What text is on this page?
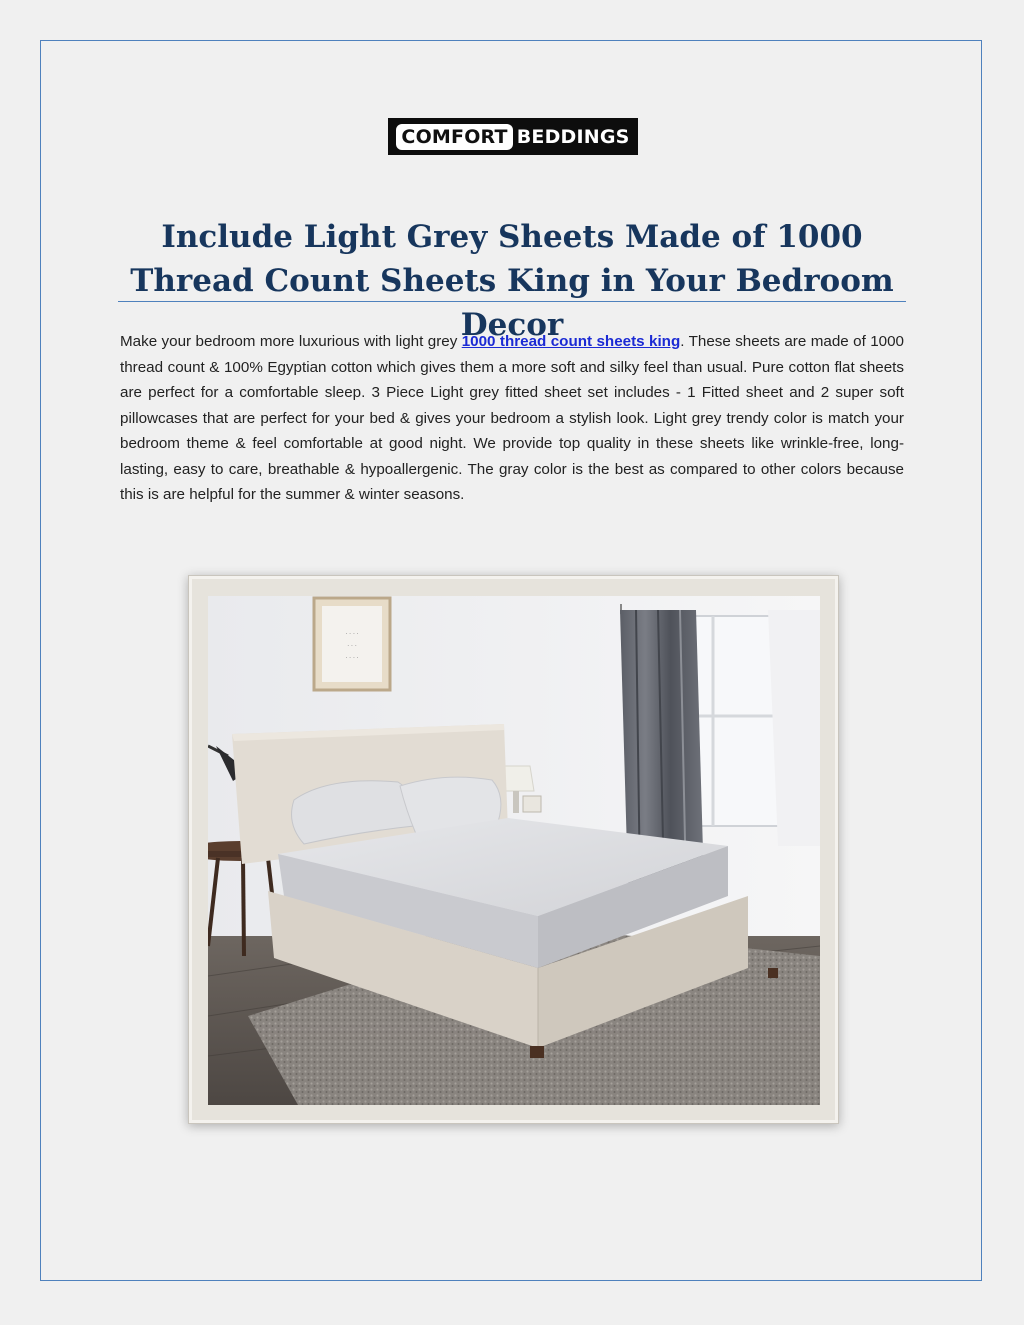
COMFORT BEDDINGS
Include Light Grey Sheets Made of 1000 Thread Count Sheets King in Your Bedroom Decor

Make your bedroom more luxurious with light grey 1000 thread count sheets king. These sheets are made of 1000 thread count & 100% Egyptian cotton which gives them a more soft and silky feel than usual. Pure cotton flat sheets are perfect for a comfortable sleep. 3 Piece Light grey fitted sheet set includes - 1 Fitted sheet and 2 super soft pillowcases that are perfect for your bed & gives your bedroom a stylish look. Light grey trendy color is match your bedroom theme & feel comfortable at good night. We provide top quality in these sheets like wrinkle-free, long-lasting, easy to care, breathable & hypoallergenic. The gray color is the best as compared to other colors because this is are helpful for the summer & winter seasons.

· · · ·
· · ·
· · · ·
